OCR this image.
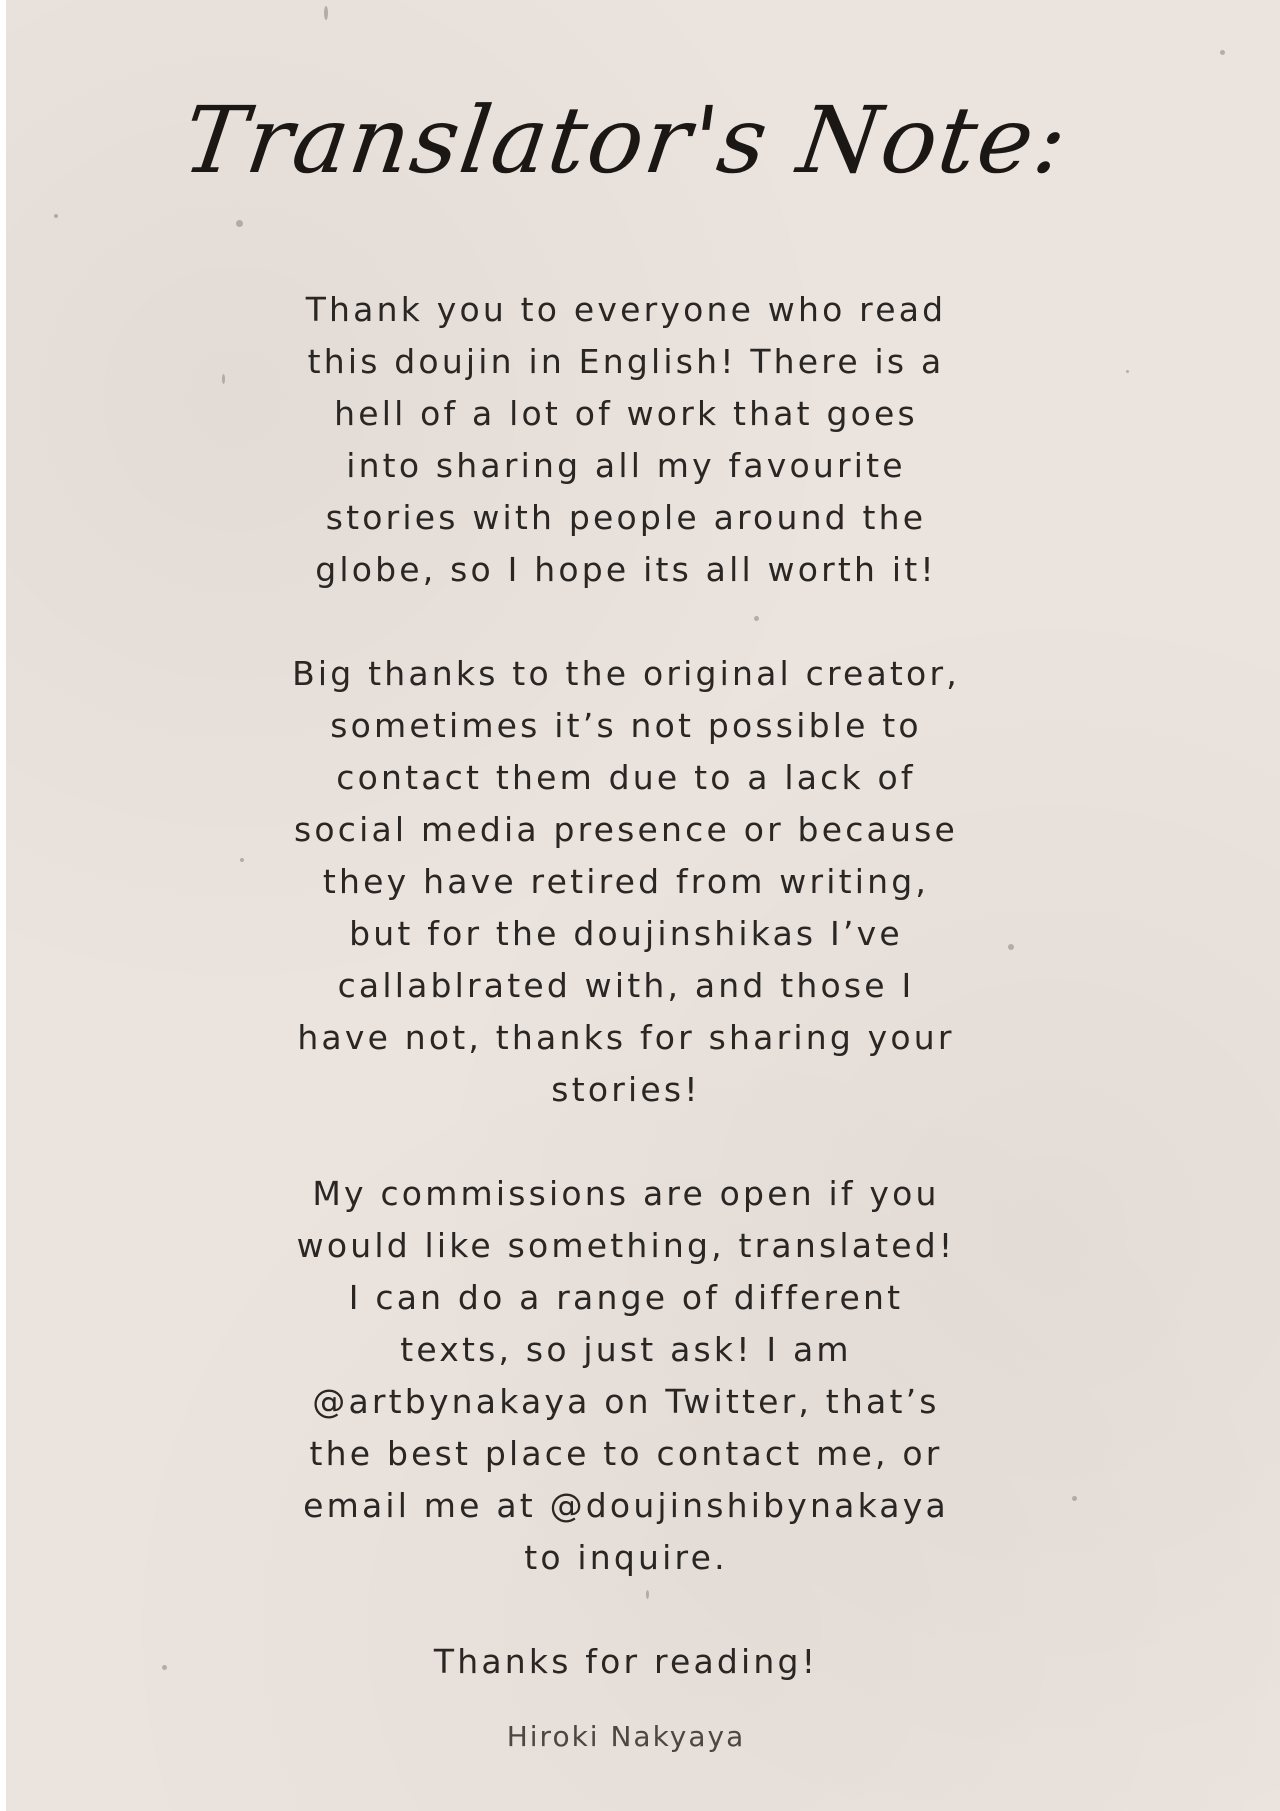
Translator's Note:
Thank you to everyone who read
this doujin in English! There is a
hell of a lot of work that goes
into sharing all my favourite
stories with people around the
globe, so I hope its all worth it!
Big thanks to the original creator,
sometimes it’s not possible to
contact them due to a lack of
social media presence or because
they have retired from writing,
but for the doujinshikas I’ve
callablrated with, and those I
have not, thanks for sharing your
stories!
My commissions are open if you
would like something, translated!
I can do a range of different
texts, so just ask! I am
@artbynakaya on Twitter, that’s
the best place to contact me, or
email me at @doujinshibynakaya
to inquire.
Thanks for reading!
Hiroki Nakyaya
